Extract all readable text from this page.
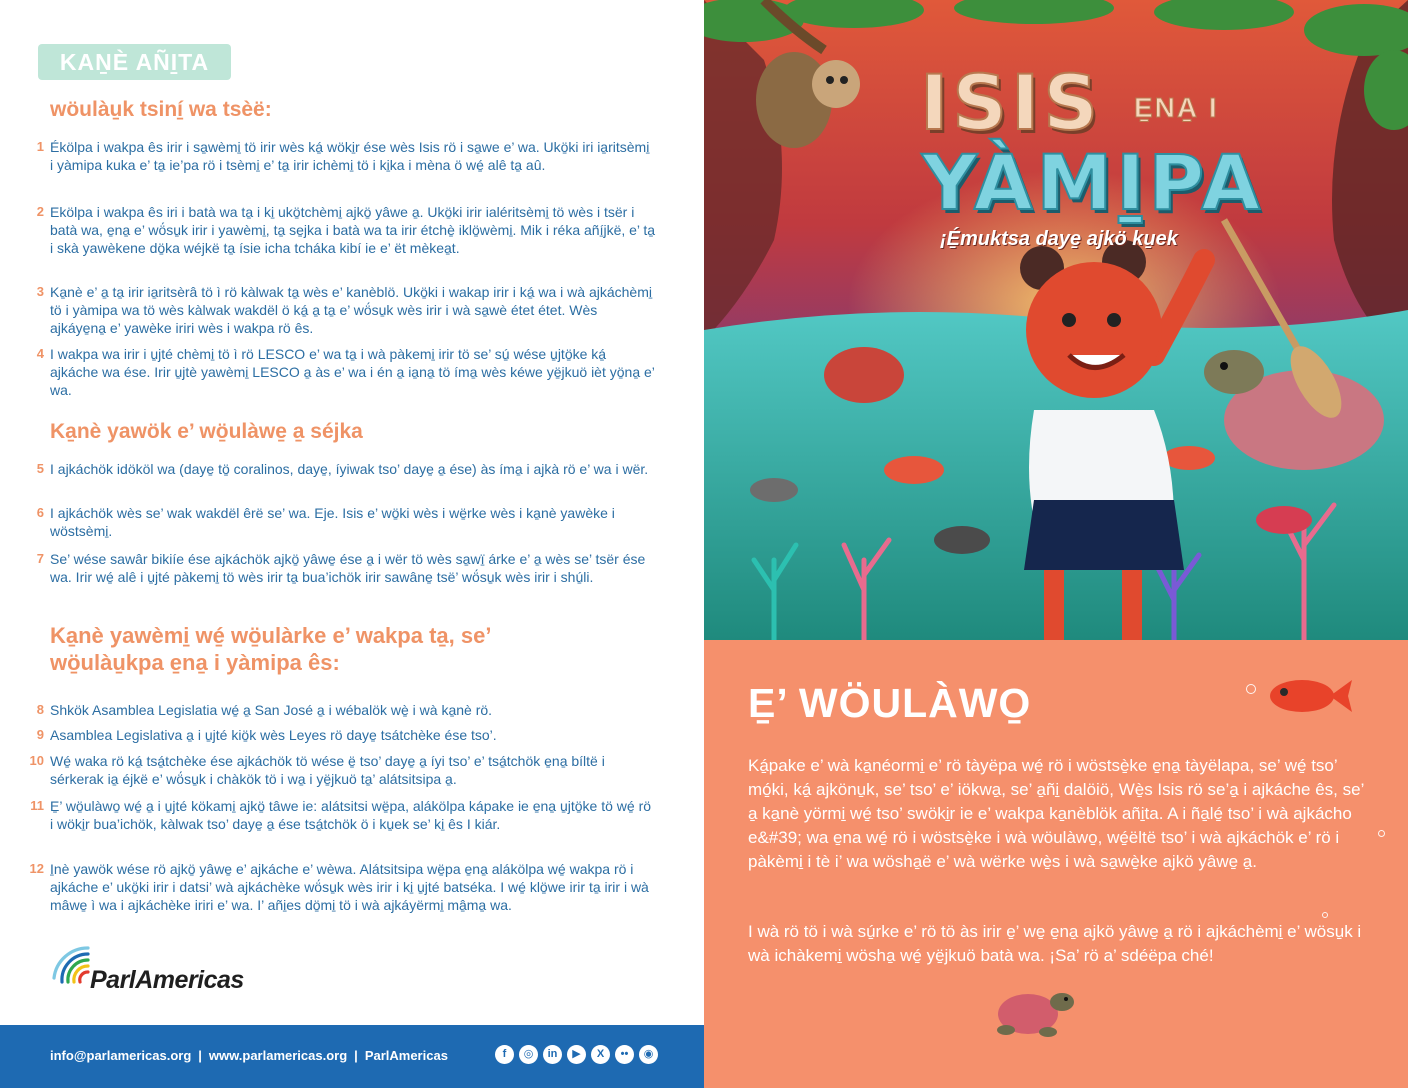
KAṈÈ AÑI̱TA
wöulàu̱k tsiní̱ wa tsèë:
1 Ékölpa i wakpa ês irir i sa̱wèmi̱ tö irir wès ká̱ wöki̱r ése wès Isis rö i sa̱we e’ wa. Ukö̱ki iri ia̱ritsèmi̱ i yàmipa kuka e’ ta̱ ie’pa rö i tsèmi̱ e’ ta̱ irir ichèmi̱ tö i ki̱ka i mèna ö wé̱ alê ta̱ aû.
2 Ekölpa i wakpa ês iri i batà wa ta̱ i ki̱ ukö̱tchèmi̱ ajkö̱ yâwe a̱. Ukö̱ki irir ialéritsèmi̱ tö wès i tsër i batà wa, e̱na̱ e’ wö́su̱k irir i yawèmi̱, ta̱ se̱jka i batà wa ta irir étchè̱ iklö̱wèmi̱. Mik i réka añí̱jkë, e’ ta̱ i skà yawèkene dö̱ka wéjkë ta̱ ísie icha tcháka kibí ie e’ ët mèkea̱t.
3 Ka̱nè e’ a̱ ta̱ irir ia̱ritsèrâ tö ì rö kàlwak ta̱ wès e’ kanèblö. Ukö̱ki i wakap irir i ká̱ wa i wà ajkáchèmi̱ tö i yàmipa wa tö wès kàlwak wakdël ö ká̱ a̱ ta̱ e’ wö́su̱k wès irir i wà sa̱wè étet étet. Wès ajkáye̱na̱ e’ yawèke iriri wès i wakpa rö ês.
4 I wakpa wa irir i u̱jté chèmi̱ tö ì rö LESCO e’ wa ta̱ i wà pàkemi̱ irir tö se’ sú̱ wése u̱jtö̱ke ká̱ ajkáche wa ése. Irir u̱jtè yawèmi̱ LESCO a̱ às e’ wa i én a̱ ia̱na̱ tö íma̱ wès kéwe yë̱jkuö ièt yö̱na̱ e’ wa.
Ka̱nè yawök e’ wö̱ulàwe̱ a̱ séjka
5 I ajkáchök idököl wa (daye̱ tö̱ coralinos, daye̱, íyiwak tso’ daye̱ a̱ ése) às íma̱ i ajkà rö e’ wa i wër.
6 I ajkáchök wès se’ wak wakdël êrë se’ wa. Eje. Isis e’ wö̱ki wès i wë̱rke wès i ka̱nè yawèke i wöstsèmi̱.
7 Se’ wése sawâr bikiíe ése ajkáchök ajkö̱ yâwe̱ ése a̱ i wër tö wès sa̱wï̱ árke e’ a̱ wès se’ tsër ése wa. Irir wé̱ alê i u̱jté pàkemi̱ tö wès irir ta̱ bua’ichök irir sawâne̱ tsë’ wö́su̱k wès irir i shú̱li.
Ka̱nè yawèmi̱ wé̱ wö̱ulàrke e’ wakpa ta̱, se’ wö̱ulàu̱kpa e̱na̱ i yàmipa ês:
8 Shkök Asamblea Legislatia wé̱ a̱ San José a̱ i wébalök wè̱ i wà ka̱nè rö.
9 Asamblea Legislativa a̱ i u̱jté kiö̱k wès Leyes rö daye̱ tsátchèke ése tso’.
10 Wé̱ waka rö ká̱ tsá̱tchèke ése ajkáchök tö wése ë̱ tso’ daye̱ a̱ íyi tso’ e’ tsá̱tchök e̱na̱ bíltë i sérkerak ia̱ éjkë e’ wö́su̱k i chàkök tö i wa̱ i yë̱jkuö ta̱’ alátsitsipa a̱.
11 E̱’ wö̱ulàwo̱ wé̱ a̱ i u̱jté kökami̱ ajkö̱ tâwe ie: alátsitsi wë̱pa, alákölpa kápake ie e̱na̱ u̱jtö̱ke tö wé̱ rö i wöki̱r bua’ichök, kàlwak tso’ daye̱ a̱ ése tsá̱tchök ö i ku̱ek se’ ki̱ ês I kiár.
12 I̱nè yawök wése rö ajkö̱ yâwe̱ e’ ajkáche e’ wèwa. Alátsitsipa wë̱pa e̱na̱ alákölpa wé̱ wakpa rö i ajkáche e’ ukö̱ki irir i datsi’ wà ajkáchèke wö́su̱k wès irir i ki̱ u̱jté batséka. I wé̱ klö̱we irir ta̱ irir i wà mâwe̱ ì wa i ajkáchèke iriri e’ wa. I’ añi̱es dö̱mi̱ tö i wà ajkáyërmi̱ mâ̱ma̱ wa.
ParlAmericas
info@parlamericas.org | www.parlamericas.org | ParlAmericas	f	◎	in	▶	X	••	◉
ISIS E̱NA̱ I
YÀMI̱PA
¡É̱muktsa daye̱ ajkö ku̱ek
E̱’ WÖULÀWO̱
Ká̱pake e’ wà ka̱néormi̱ e’ rö tàyëpa wé̱ rö i wöstsè̱ke e̱na̱ tàyëlapa, se’ wé̱ tso’ mó̱ki, ká̱ ajkönu̱k, se’ tso’ e’ iökwa̱, se’ a̱ñi̱ dalöiö, Wè̱s Isis rö se’a̱ i ajkáche ês, se’ a̱ ka̱nè yörmi̱ wé̱ tso’ swöki̱r ie e’ wakpa ka̱nèblök añi̱ta. A i ña̱lé̱ tso’ i wà ajkácho e&#39; wa e̱na wé̱ rö i wöstsè̱ke i wà wöulàwo̱, wé̱ëltë tso’ i wà ajkáchök e’ rö i pàkèmi̱ i tè i’ wa wösha̱ë e’ wà wërke wè̱s i wà sa̱wè̱ke ajkö yâwe̱ a̱.
I wà rö tö i wà sú̱rke e’ rö tö às irir e̱’ we̱ e̱na̱ ajkö yâwe̱ a̱ rö i ajkáchèmi̱ e’ wösu̱k i wà ichàkemi̱ wösha̱ wé̱ yë̱jkuö batà wa. ¡Sa’ rö a’ sdéëpa ché!
